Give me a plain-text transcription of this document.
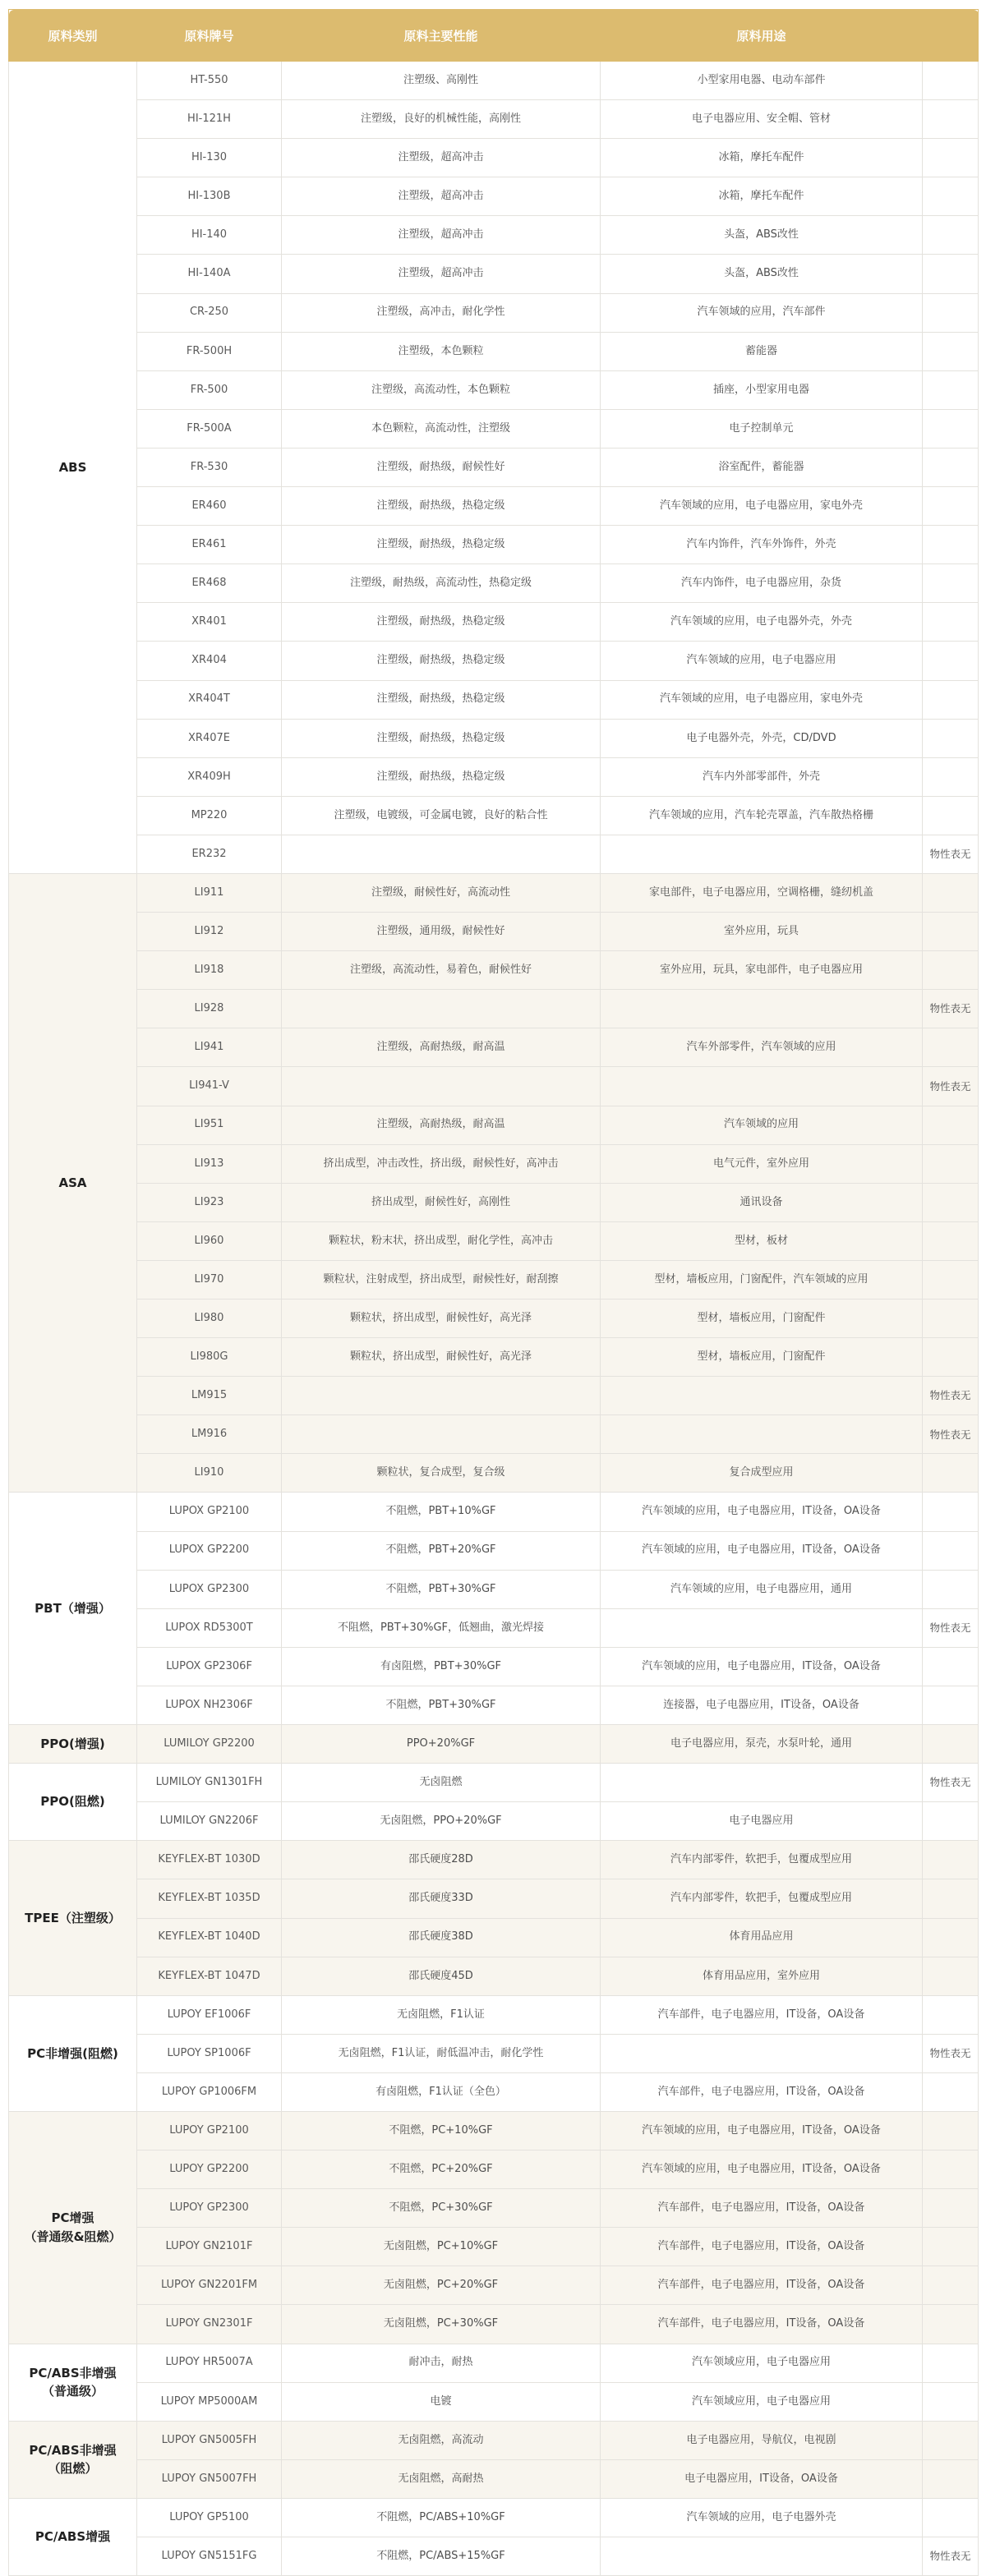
原料类别	原料牌号	原料主要性能	原料用途	
ABS	HT-550	注塑级、高刚性	小型家用电器、电动车部件	
	HI-121H	注塑级，良好的机械性能，高刚性	电子电器应用、安全帽、管材	
	HI-130	注塑级，超高冲击	冰箱，摩托车配件	
	HI-130B	注塑级，超高冲击	冰箱，摩托车配件	
	HI-140	注塑级，超高冲击	头盔，ABS改性	
	HI-140A	注塑级，超高冲击	头盔，ABS改性	
	CR-250	注塑级，高冲击，耐化学性	汽车领域的应用，汽车部件	
	FR-500H	注塑级，本色颗粒	蓄能器	
	FR-500	注塑级，高流动性，本色颗粒	插座，小型家用电器	
	FR-500A	本色颗粒，高流动性，注塑级	电子控制单元	
	FR-530	注塑级，耐热级，耐候性好	浴室配件，蓄能器	
	ER460	注塑级，耐热级，热稳定级	汽车领域的应用，电子电器应用，家电外壳	
	ER461	注塑级，耐热级，热稳定级	汽车内饰件，汽车外饰件，外壳	
	ER468	注塑级，耐热级，高流动性，热稳定级	汽车内饰件，电子电器应用，杂货	
	XR401	注塑级，耐热级，热稳定级	汽车领域的应用，电子电器外壳，外壳	
	XR404	注塑级，耐热级，热稳定级	汽车领域的应用，电子电器应用	
	XR404T	注塑级，耐热级，热稳定级	汽车领域的应用，电子电器应用，家电外壳	
	XR407E	注塑级，耐热级，热稳定级	电子电器外壳，外壳，CD/DVD	
	XR409H	注塑级，耐热级，热稳定级	汽车内外部零部件，外壳	
	MP220	注塑级，电镀级，可金属电镀，良好的粘合性	汽车领域的应用，汽车轮壳罩盖，汽车散热格栅	
	ER232			物性表无
ASA	LI911	注塑级，耐候性好，高流动性	家电部件，电子电器应用，空调格栅，缝纫机盖	
	LI912	注塑级，通用级，耐候性好	室外应用，玩具	
	LI918	注塑级，高流动性，易着色，耐候性好	室外应用，玩具，家电部件，电子电器应用	
	LI928			物性表无
	LI941	注塑级，高耐热级，耐高温	汽车外部零件，汽车领域的应用	
	LI941-V			物性表无
	LI951	注塑级，高耐热级，耐高温	汽车领域的应用	
	LI913	挤出成型，冲击改性，挤出级，耐候性好，高冲击	电气元件，室外应用	
	LI923	挤出成型，耐候性好，高刚性	通讯设备	
	LI960	颗粒状，粉末状，挤出成型，耐化学性，高冲击	型材，板材	
	LI970	颗粒状，注射成型，挤出成型，耐候性好，耐刮擦	型材，墙板应用，门窗配件，汽车领域的应用	
	LI980	颗粒状，挤出成型，耐候性好，高光泽	型材，墙板应用，门窗配件	
	LI980G	颗粒状，挤出成型，耐候性好，高光泽	型材，墙板应用，门窗配件	
	LM915			物性表无
	LM916			物性表无
	LI910	颗粒状，复合成型，复合级	复合成型应用	
PBT（增强）	LUPOX GP2100	不阻燃，PBT+10%GF	汽车领域的应用，电子电器应用，IT设备，OA设备	
	LUPOX GP2200	不阻燃，PBT+20%GF	汽车领域的应用，电子电器应用，IT设备，OA设备	
	LUPOX GP2300	不阻燃，PBT+30%GF	汽车领域的应用，电子电器应用，通用	
	LUPOX RD5300T	不阻燃，PBT+30%GF，低翘曲，激光焊接		物性表无
	LUPOX GP2306F	有卤阻燃，PBT+30%GF	汽车领域的应用，电子电器应用，IT设备，OA设备	
	LUPOX NH2306F	不阻燃，PBT+30%GF	连接器，电子电器应用，IT设备，OA设备	
PPO(增强)	LUMILOY GP2200	PPO+20%GF	电子电器应用，泵壳，水泵叶轮，通用	
PPO(阻燃)	LUMILOY GN1301FH	无卤阻燃		物性表无
	LUMILOY GN2206F	无卤阻燃，PPO+20%GF	电子电器应用	
TPEE（注塑级）	KEYFLEX-BT 1030D	邵氏硬度28D	汽车内部零件，软把手，包覆成型应用	
	KEYFLEX-BT 1035D	邵氏硬度33D	汽车内部零件，软把手，包覆成型应用	
	KEYFLEX-BT 1040D	邵氏硬度38D	体育用品应用	
	KEYFLEX-BT 1047D	邵氏硬度45D	体育用品应用，室外应用	
PC非增强(阻燃)	LUPOY EF1006F	无卤阻燃，F1认证	汽车部件，电子电器应用，IT设备，OA设备	
	LUPOY SP1006F	无卤阻燃，F1认证，耐低温冲击，耐化学性		物性表无
	LUPOY GP1006FM	有卤阻燃，F1认证（全色）	汽车部件，电子电器应用，IT设备，OA设备	
PC增强
（普通级&阻燃）	LUPOY GP2100	不阻燃，PC+10%GF	汽车领域的应用，电子电器应用，IT设备，OA设备	
	LUPOY GP2200	不阻燃，PC+20%GF	汽车领域的应用，电子电器应用，IT设备，OA设备	
	LUPOY GP2300	不阻燃，PC+30%GF	汽车部件，电子电器应用，IT设备，OA设备	
	LUPOY GN2101F	无卤阻燃，PC+10%GF	汽车部件，电子电器应用，IT设备，OA设备	
	LUPOY GN2201FM	无卤阻燃，PC+20%GF	汽车部件，电子电器应用，IT设备，OA设备	
	LUPOY GN2301F	无卤阻燃，PC+30%GF	汽车部件，电子电器应用，IT设备，OA设备	
PC/ABS非增强
（普通级）	LUPOY HR5007A	耐冲击，耐热	汽车领域应用，电子电器应用	
	LUPOY MP5000AM	电镀	汽车领域应用，电子电器应用	
PC/ABS非增强
（阻燃）	LUPOY GN5005FH	无卤阻燃，高流动	电子电器应用，导航仪，电视剧	
	LUPOY GN5007FH	无卤阻燃，高耐热	电子电器应用，IT设备，OA设备	
PC/ABS增强	LUPOY GP5100	不阻燃，PC/ABS+10%GF	汽车领域的应用，电子电器外壳	
	LUPOY GN5151FG	不阻燃，PC/ABS+15%GF		物性表无
